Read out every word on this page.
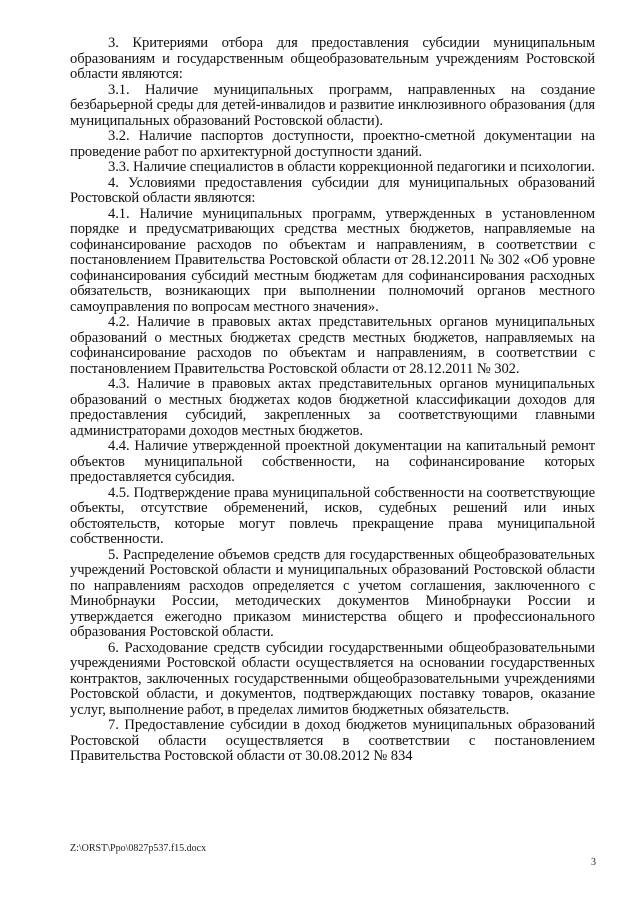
3. Критериями отбора для предоставления субсидии муниципальным образованиям и государственным общеобразовательным учреждениям Ростовской области являются:

3.1. Наличие муниципальных программ, направленных на создание безбарьерной среды для детей-инвалидов и развитие инклюзивного образования (для муниципальных образований Ростовской области).

3.2. Наличие паспортов доступности, проектно-сметной документации на проведение работ по архитектурной доступности зданий.

3.3. Наличие специалистов в области коррекционной педагогики и психологии.

4. Условиями предоставления субсидии для муниципальных образований Ростовской области являются:

4.1. Наличие муниципальных программ, утвержденных в установленном порядке и предусматривающих средства местных бюджетов, направляемые на софинансирование расходов по объектам и направлениям, в соответствии с постановлением Правительства Ростовской области от 28.12.2011 № 302 «Об уровне софинансирования субсидий местным бюджетам для софинансирования расходных обязательств, возникающих при выполнении полномочий органов местного самоуправления по вопросам местного значения».

4.2. Наличие в правовых актах представительных органов муниципальных образований о местных бюджетах средств местных бюджетов, направляемых на софинансирование расходов по объектам и направлениям, в соответствии с постановлением Правительства Ростовской области от 28.12.2011 № 302.

4.3. Наличие в правовых актах представительных органов муниципальных образований о местных бюджетах кодов бюджетной классификации доходов для предоставления субсидий, закрепленных за соответствующими главными администраторами доходов местных бюджетов.

4.4. Наличие утвержденной проектной документации на капитальный ремонт объектов муниципальной собственности, на софинансирование которых предоставляется субсидия.

4.5. Подтверждение права муниципальной собственности на соответствующие объекты, отсутствие обременений, исков, судебных решений или иных обстоятельств, которые могут повлечь прекращение права муниципальной собственности.

5. Распределение объемов средств для государственных общеобразовательных учреждений Ростовской области и муниципальных образований Ростовской области по направлениям расходов определяется с учетом соглашения, заключенного с Минобрнауки России, методических документов Минобрнауки России и утверждается ежегодно приказом министерства общего и профессионального образования Ростовской области.

6. Расходование средств субсидии государственными общеобразовательными учреждениями Ростовской области осуществляется на основании государственных контрактов, заключенных государственными общеобразовательными учреждениями Ростовской области, и документов, подтверждающих поставку товаров, оказание услуг, выполнение работ, в пределах лимитов бюджетных обязательств.

7. Предоставление субсидии в доход бюджетов муниципальных образований Ростовской области осуществляется в соответствии с постановлением Правительства Ростовской области от 30.08.2012 № 834

Z:\ORST\Ppo\0827p537.f15.docx
3
